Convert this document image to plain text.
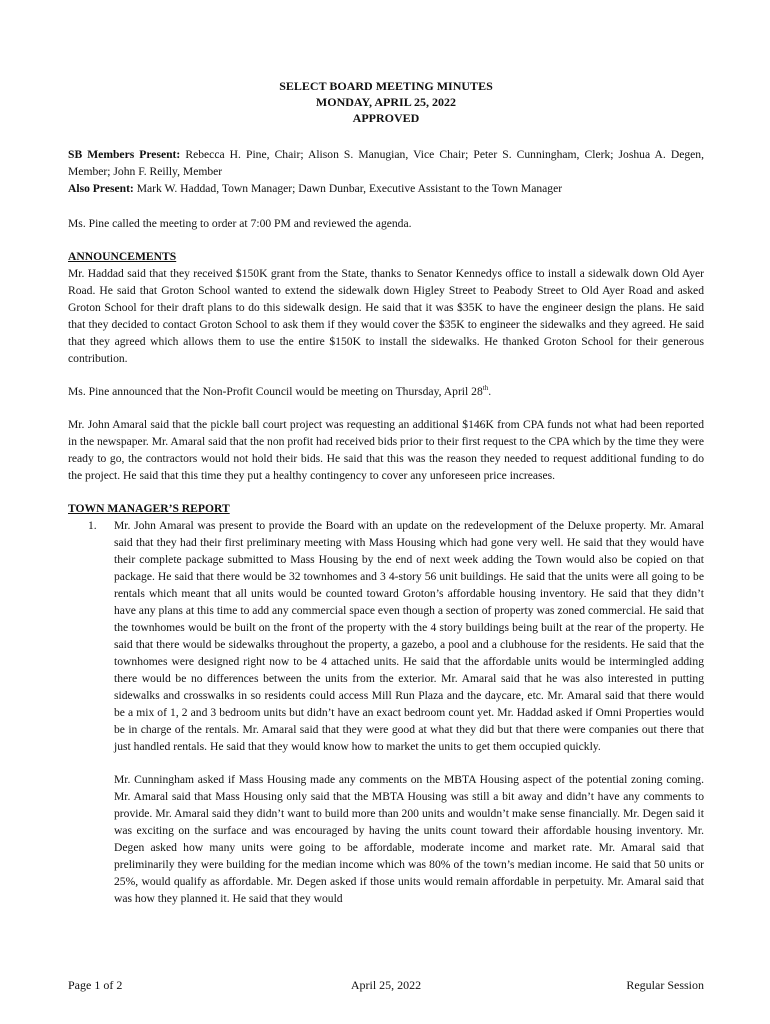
SELECT BOARD MEETING MINUTES
MONDAY, APRIL 25, 2022
APPROVED
SB Members Present: Rebecca H. Pine, Chair; Alison S. Manugian, Vice Chair; Peter S. Cunningham, Clerk; Joshua A. Degen, Member; John F. Reilly, Member
Also Present: Mark W. Haddad, Town Manager; Dawn Dunbar, Executive Assistant to the Town Manager

Ms. Pine called the meeting to order at 7:00 PM and reviewed the agenda.

ANNOUNCEMENTS

Mr. Haddad said that they received $150K grant from the State, thanks to Senator Kennedys office to install a sidewalk down Old Ayer Road. He said that Groton School wanted to extend the sidewalk down Higley Street to Peabody Street to Old Ayer Road and asked Groton School for their draft plans to do this sidewalk design. He said that it was $35K to have the engineer design the plans. He said that they decided to contact Groton School to ask them if they would cover the $35K to engineer the sidewalks and they agreed. He said that they agreed which allows them to use the entire $150K to install the sidewalks. He thanked Groton School for their generous contribution.

Ms. Pine announced that the Non-Profit Council would be meeting on Thursday, April 28th.

Mr. John Amaral said that the pickle ball court project was requesting an additional $146K from CPA funds not what had been reported in the newspaper. Mr. Amaral said that the non profit had received bids prior to their first request to the CPA which by the time they were ready to go, the contractors would not hold their bids. He said that this was the reason they needed to request additional funding to do the project. He said that this time they put a healthy contingency to cover any unforeseen price increases.

TOWN MANAGER’S REPORT
1. Mr. John Amaral was present to provide the Board with an update on the redevelopment of the Deluxe property. Mr. Amaral said that they had their first preliminary meeting with Mass Housing which had gone very well. He said that they would have their complete package submitted to Mass Housing by the end of next week adding the Town would also be copied on that package. He said that there would be 32 townhomes and 3 4-story 56 unit buildings. He said that the units were all going to be rentals which meant that all units would be counted toward Groton’s affordable housing inventory. He said that they didn’t have any plans at this time to add any commercial space even though a section of property was zoned commercial. He said that the townhomes would be built on the front of the property with the 4 story buildings being built at the rear of the property. He said that there would be sidewalks throughout the property, a gazebo, a pool and a clubhouse for the residents. He said that the townhomes were designed right now to be 4 attached units. He said that the affordable units would be intermingled adding there would be no differences between the units from the exterior. Mr. Amaral said that he was also interested in putting sidewalks and crosswalks in so residents could access Mill Run Plaza and the daycare, etc. Mr. Amaral said that there would be a mix of 1, 2 and 3 bedroom units but didn’t have an exact bedroom count yet. Mr. Haddad asked if Omni Properties would be in charge of the rentals. Mr. Amaral said that they were good at what they did but that there were companies out there that just handled rentals. He said that they would know how to market the units to get them occupied quickly.

Mr. Cunningham asked if Mass Housing made any comments on the MBTA Housing aspect of the potential zoning coming. Mr. Amaral said that Mass Housing only said that the MBTA Housing was still a bit away and didn’t have any comments to provide. Mr. Amaral said they didn’t want to build more than 200 units and wouldn’t make sense financially. Mr. Degen said it was exciting on the surface and was encouraged by having the units count toward their affordable housing inventory. Mr. Degen asked how many units were going to be affordable, moderate income and market rate. Mr. Amaral said that preliminarily they were building for the median income which was 80% of the town’s median income. He said that 50 units or 25%, would qualify as affordable. Mr. Degen asked if those units would remain affordable in perpetuity. Mr. Amaral said that was how they planned it. He said that they would

Page 1 of 2	April 25, 2022	Regular Session
